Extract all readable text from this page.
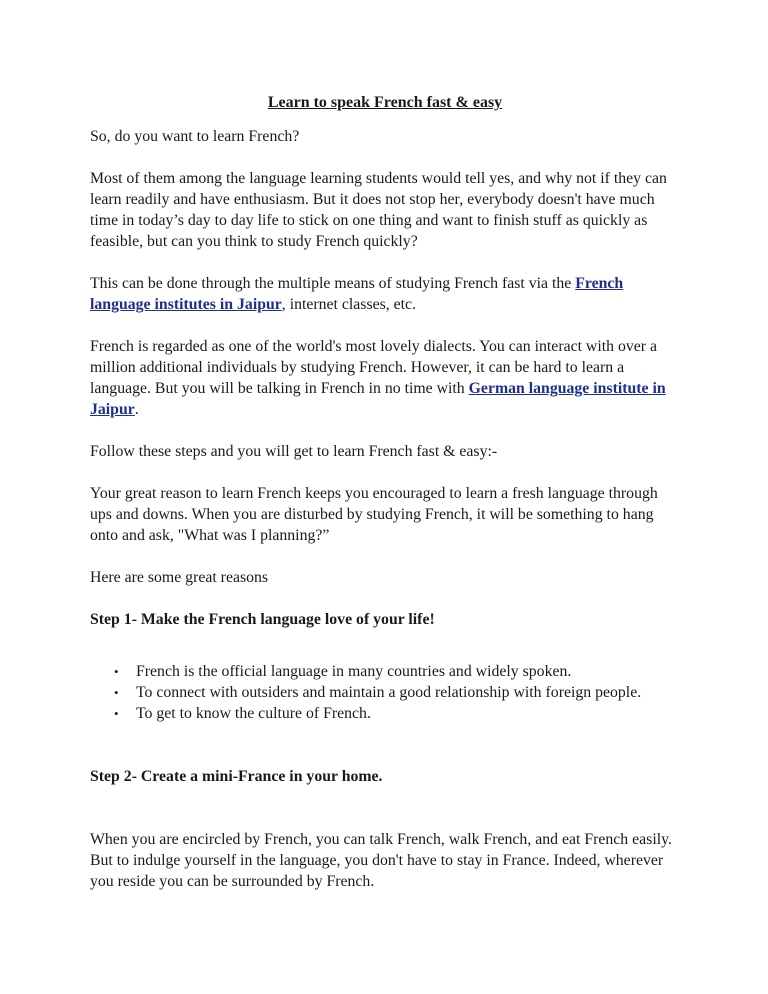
Learn to speak French fast & easy

So, do you want to learn French?

Most of them among the language learning students would tell yes, and why not if they can learn readily and have enthusiasm. But it does not stop her, everybody doesn't have much time in today’s day to day life to stick on one thing and want to finish stuff as quickly as feasible, but can you think to study French quickly?

This can be done through the multiple means of studying French fast via the French language institutes in Jaipur, internet classes, etc.

French is regarded as one of the world's most lovely dialects. You can interact with over a million additional individuals by studying French. However, it can be hard to learn a language. But you will be talking in French in no time with German language institute in Jaipur.

Follow these steps and you will get to learn French fast & easy:-

Your great reason to learn French keeps you encouraged to learn a fresh language through ups and downs. When you are disturbed by studying French, it will be something to hang onto and ask, "What was I planning?”

Here are some great reasons

Step 1- Make the French language love of your life!
• French is the official language in many countries and widely spoken.
• To connect with outsiders and maintain a good relationship with foreign people.
• To get to know the culture of French.
Step 2- Create a mini-France in your home.

When you are encircled by French, you can talk French, walk French, and eat French easily. But to indulge yourself in the language, you don't have to stay in France. Indeed, wherever you reside you can be surrounded by French.
